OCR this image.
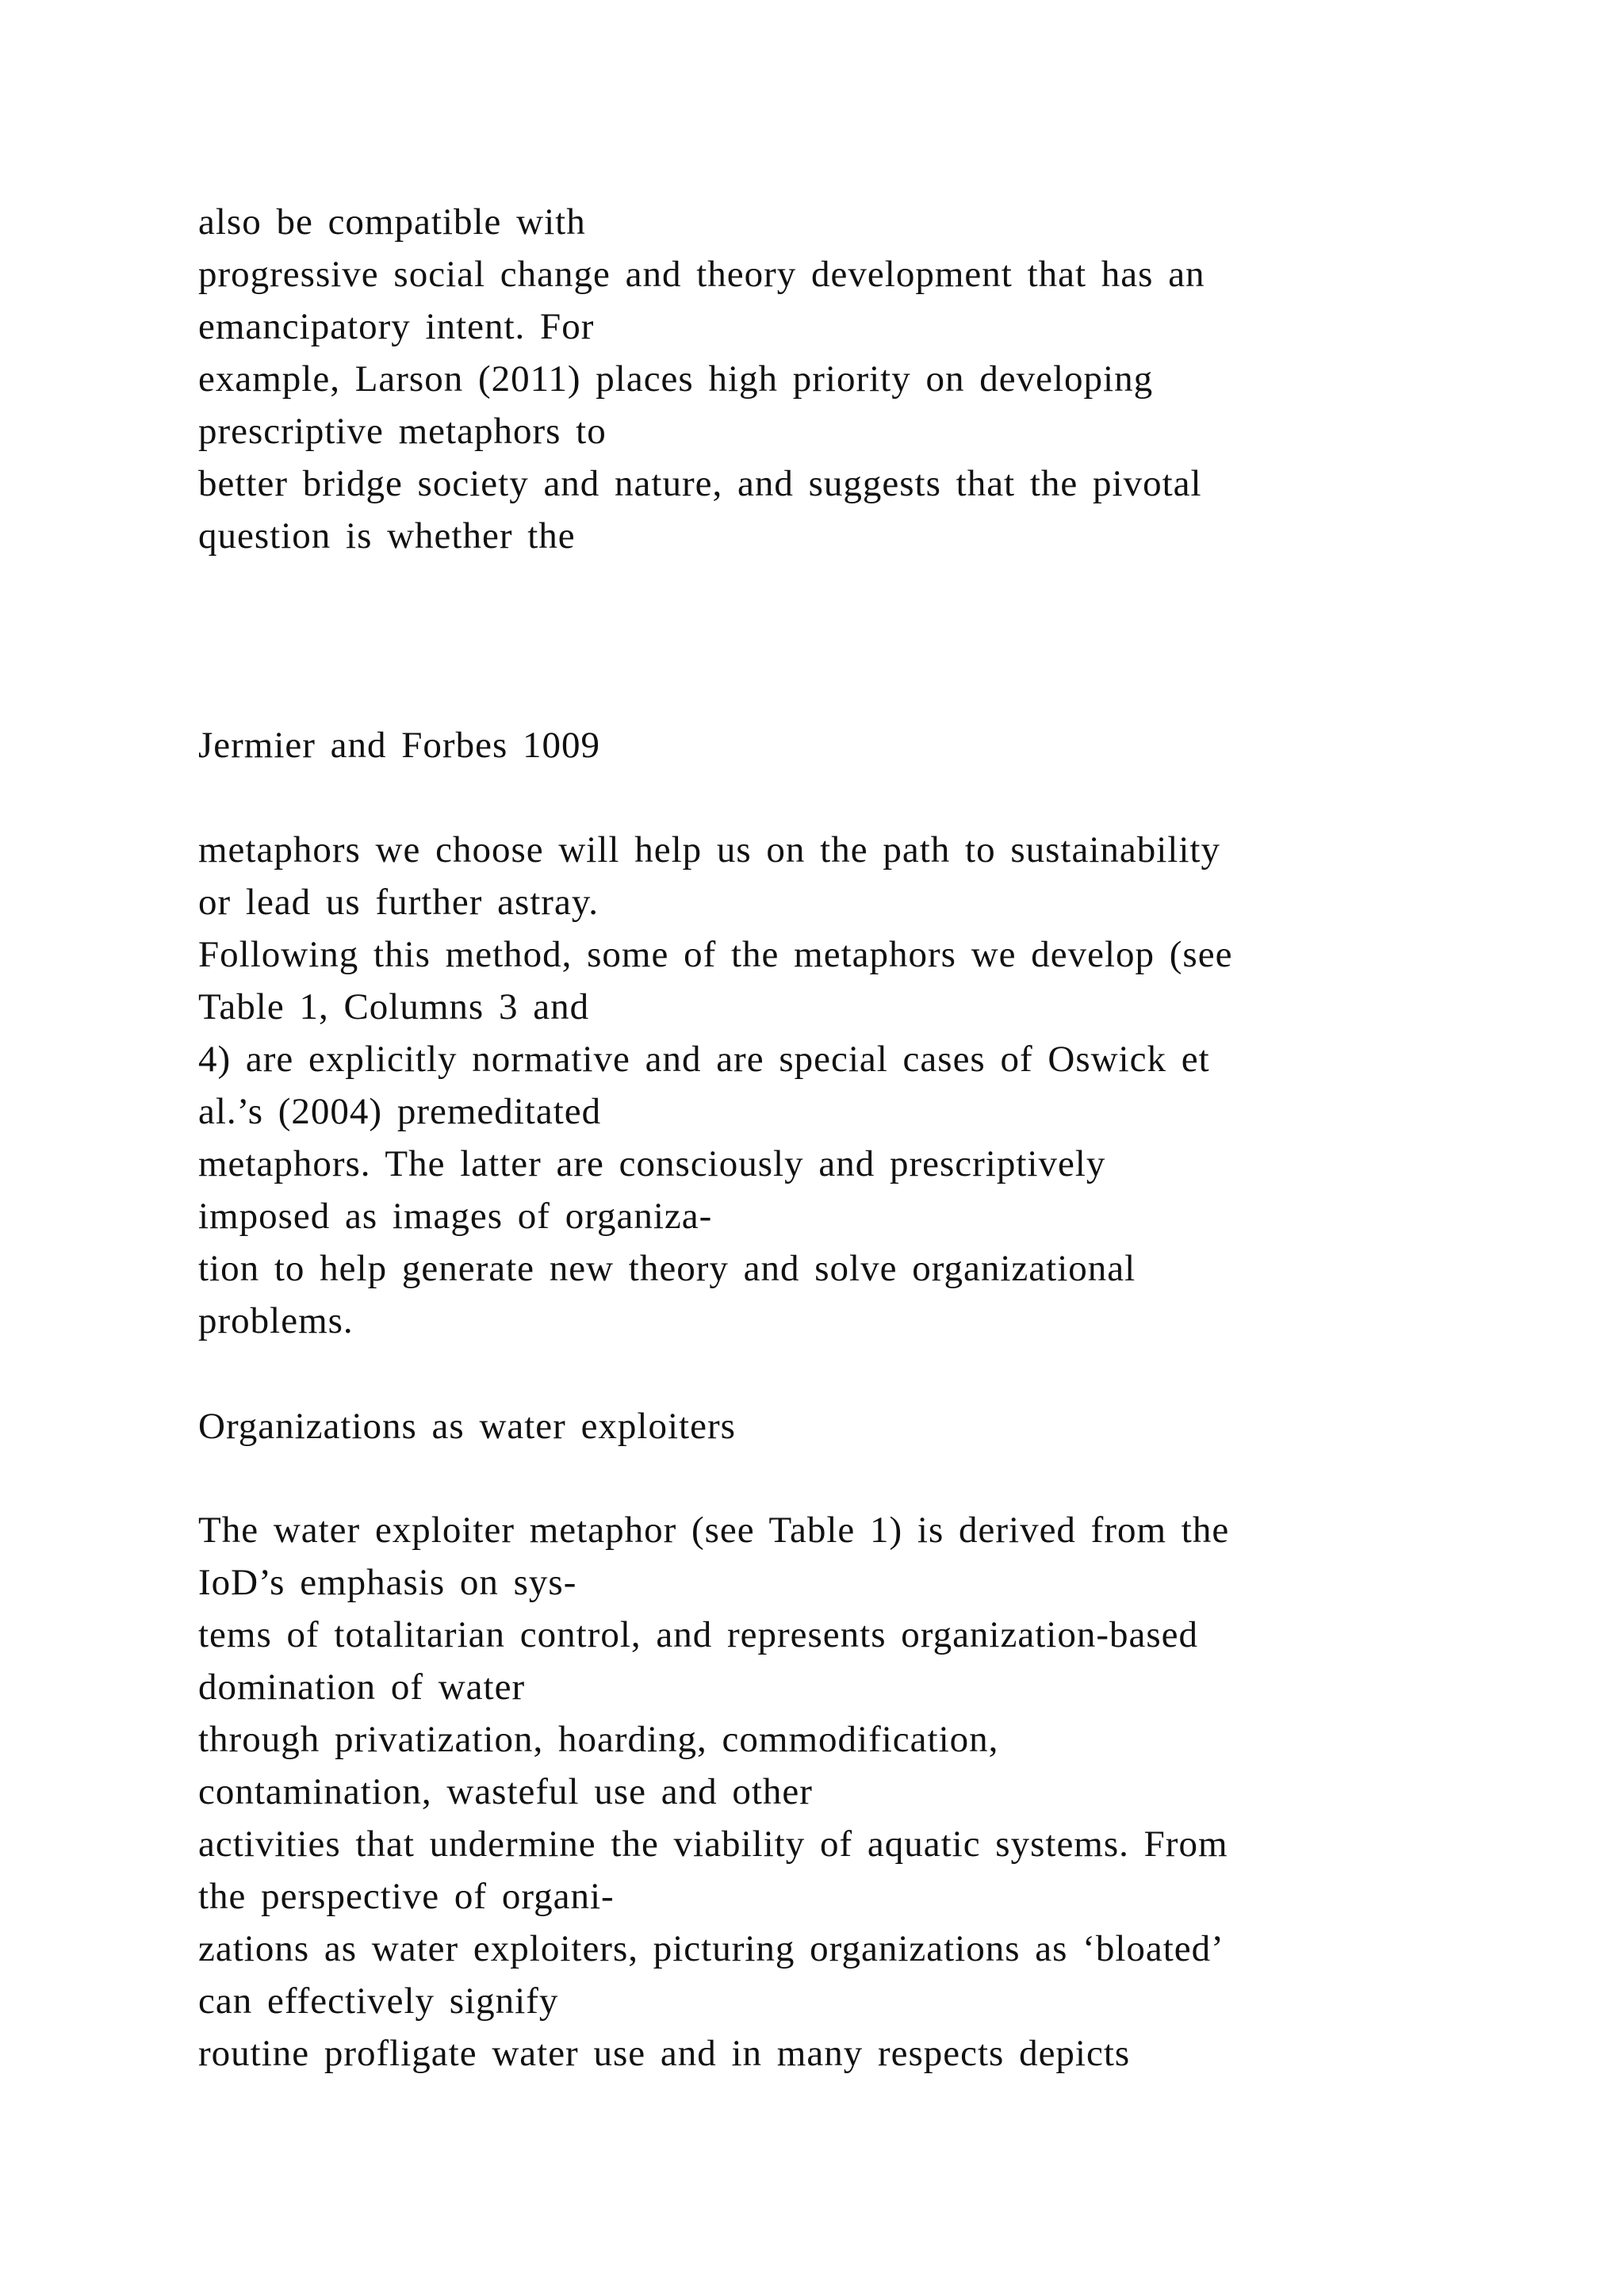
also be compatible with
progressive social change and theory development that has an
emancipatory intent. For
example, Larson (2011) places high priority on developing
prescriptive metaphors to
better bridge society and nature, and suggests that the pivotal
question is whether the
Jermier and Forbes 1009
metaphors we choose will help us on the path to sustainability
or lead us further astray.
Following this method, some of the metaphors we develop (see
Table 1, Columns 3 and
4) are explicitly normative and are special cases of Oswick et
al.’s (2004) premeditated
metaphors. The latter are consciously and prescriptively
imposed as images of organiza-
tion to help generate new theory and solve organizational
problems.
Organizations as water exploiters
The water exploiter metaphor (see Table 1) is derived from the
IoD’s emphasis on sys-
tems of totalitarian control, and represents organization-based
domination of water
through privatization, hoarding, commodification,
contamination, wasteful use and other
activities that undermine the viability of aquatic systems. From
the perspective of organi-
zations as water exploiters, picturing organizations as ‘bloated’
can effectively signify
routine profligate water use and in many respects depicts
